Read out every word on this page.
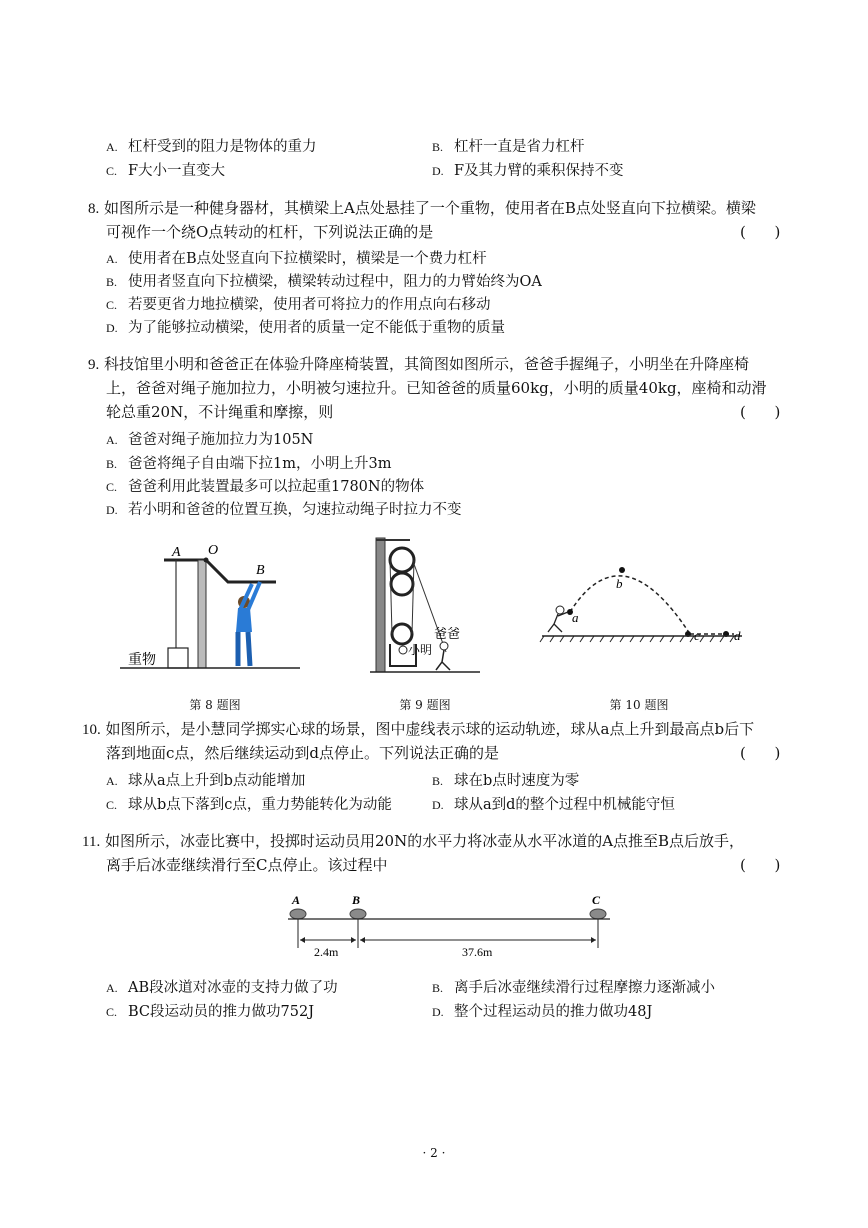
A. 杠杆受到的阻力是物体的重力	B. 杠杆一直是省力杠杆
C. F大小一直变大	D. F及其力臂的乘积保持不变
8. 如图所示是一种健身器材，其横梁上A点处悬挂了一个重物，使用者在B点处竖直向下拉横梁。横梁
可视作一个绕O点转动的杠杆，下列说法正确的是	(      )
A. 使用者在B点处竖直向下拉横梁时，横梁是一个费力杠杆
B. 使用者竖直向下拉横梁，横梁转动过程中，阻力的力臂始终为OA
C. 若要更省力地拉横梁，使用者可将拉力的作用点向右移动
D. 为了能够拉动横梁，使用者的质量一定不能低于重物的质量
9. 科技馆里小明和爸爸正在体验升降座椅装置，其简图如图所示，爸爸手握绳子，小明坐在升降座椅
上，爸爸对绳子施加拉力，小明被匀速拉升。已知爸爸的质量60kg，小明的质量40kg，座椅和动滑
轮总重20N，不计绳重和摩擦，则	(      )
A. 爸爸对绳子施加拉力为105N
B. 爸爸将绳子自由端下拉1m，小明上升3m
C. 爸爸利用此装置最多可以拉起重1780N的物体
D. 若小明和爸爸的位置互换，匀速拉动绳子时拉力不变
A O
B
重物
第 8 题图
爸爸
小明
第 9 题图
a
b
c	d
第 10 题图
10. 如图所示，是小慧同学掷实心球的场景，图中虚线表示球的运动轨迹，球从a点上升到最高点b后下
落到地面c点，然后继续运动到d点停止。下列说法正确的是	(      )
A. 球从a点上升到b点动能增加	B. 球在b点时速度为零
C. 球从b点下落到c点，重力势能转化为动能	D. 球从a到d的整个过程中机械能守恒
11. 如图所示，冰壶比赛中，投掷时运动员用20N的水平力将冰壶从水平冰道的A点推至B点后放手，
离手后冰壶继续滑行至C点停止。该过程中	(      )
A	B	C
2.4m	37.6m
A. AB段冰道对冰壶的支持力做了功	B. 离手后冰壶继续滑行过程摩擦力逐渐减小
C. BC段运动员的推力做功752J	D. 整个过程运动员的推力做功48J
· 2 ·
